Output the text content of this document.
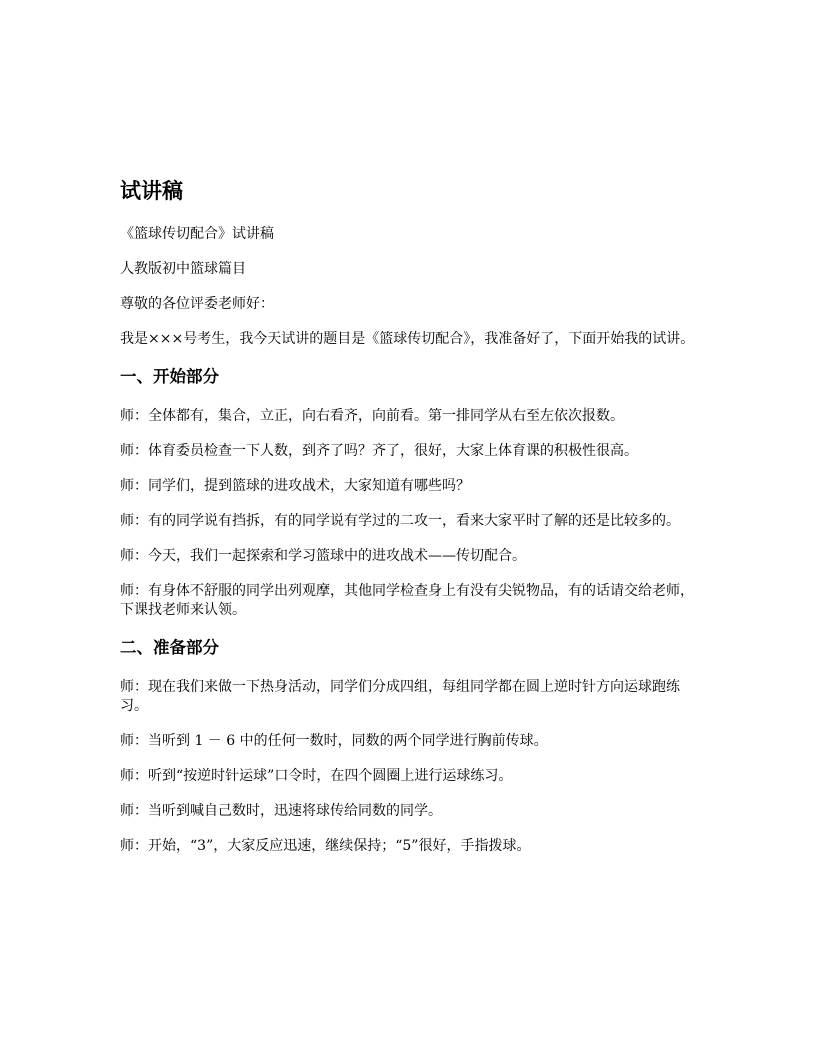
试讲稿

《篮球传切配合》试讲稿

人教版初中篮球篇目

尊敬的各位评委老师好：

我是×××号考生，我今天试讲的题目是《篮球传切配合》，我准备好了，下面开始我的试讲。

一、开始部分

师：全体都有，集合，立正，向右看齐，向前看。第一排同学从右至左依次报数。

师：体育委员检查一下人数，到齐了吗？齐了，很好，大家上体育课的积极性很高。

师：同学们，提到篮球的进攻战术，大家知道有哪些吗？

师：有的同学说有挡拆，有的同学说有学过的二攻一，看来大家平时了解的还是比较多的。

师：今天，我们一起探索和学习篮球中的进攻战术——传切配合。

师：有身体不舒服的同学出列观摩，其他同学检查身上有没有尖锐物品，有的话请交给老师，下课找老师来认领。

二、准备部分

师：现在我们来做一下热身活动，同学们分成四组，每组同学都在圆上逆时针方向运球跑练习。

师：当听到 1 － 6 中的任何一数时，同数的两个同学进行胸前传球。

师：听到“按逆时针运球”口令时，在四个圆圈上进行运球练习。

师：当听到喊自己数时，迅速将球传给同数的同学。

师：开始，“3”，大家反应迅速，继续保持；“5”很好，手指拨球。
